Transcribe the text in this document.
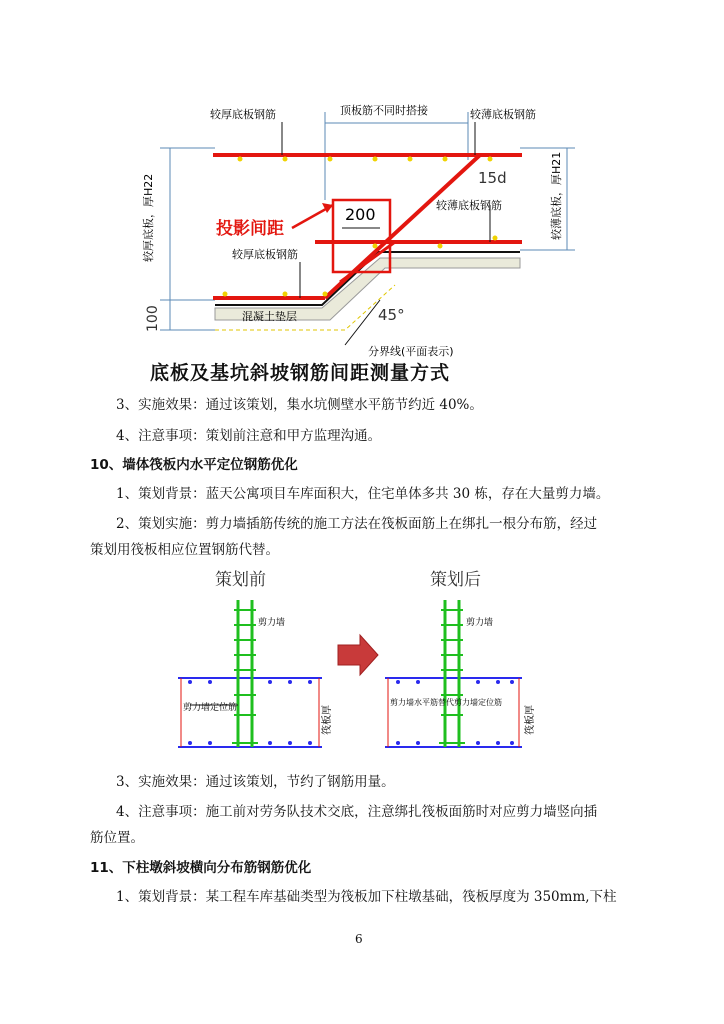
较厚底板钢筋	顶板筋不同时搭接	较薄底板钢筋
15d
较薄底板钢筋
200
投影间距
较厚底板钢筋
混凝土垫层	45°
分界线(平面表示)
100
较厚底板，厚H22	较薄底板，厚H21
底板及基坑斜坡钢筋间距测量方式
3、实施效果：通过该策划，集水坑侧壁水平筋节约近 40%。
4、注意事项：策划前注意和甲方监理沟通。
10、墙体筏板内水平定位钢筋优化
1、策划背景：蓝天公寓项目车库面积大，住宅单体多共 30 栋，存在大量剪力墙。
2、策划实施：剪力墙插筋传统的施工方法在筏板面筋上在绑扎一根分布筋，经过
策划用筏板相应位置钢筋代替。
策划前	策划后
剪力墙
剪力墙定位筋	筏板厚
剪力墙
剪力墙水平筋替代剪力墙定位筋
筏板厚
3、实施效果：通过该策划，节约了钢筋用量。
4、注意事项：施工前对劳务队技术交底，注意绑扎筏板面筋时对应剪力墙竖向插
筋位置。
11、下柱墩斜坡横向分布筋钢筋优化
1、策划背景：某工程车库基础类型为筏板加下柱墩基础，筏板厚度为 350mm,下柱
6
